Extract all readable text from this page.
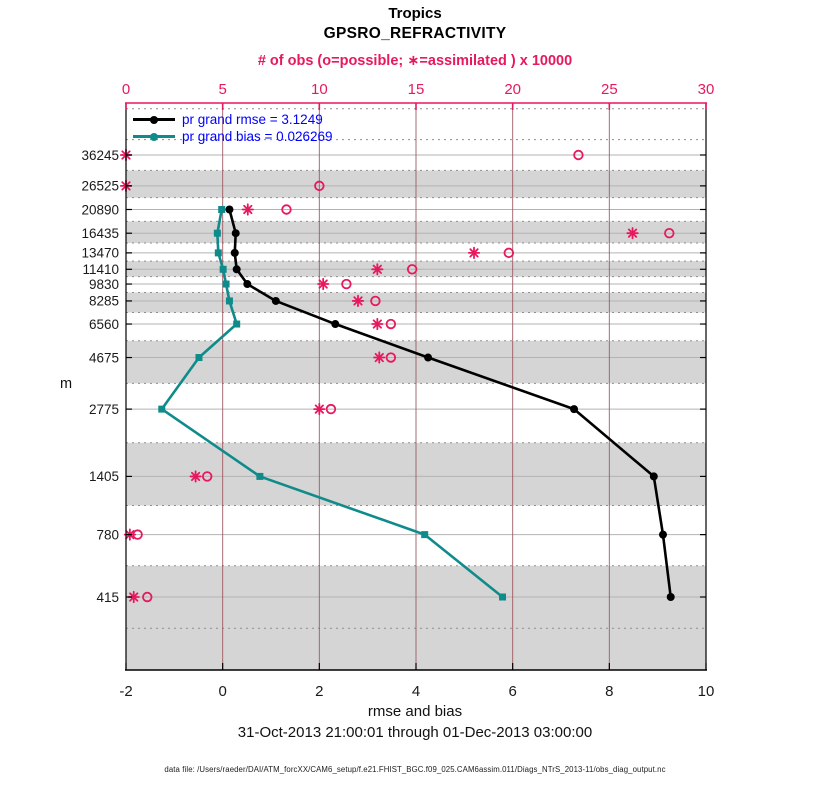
-2	0	2	4	6	8	10
0	5	10	15	20	25	30
36245
26525
20890
16435
13470
11410
9830
8285
6560
4675
2775
1405
780
415
Tropics
GPSRO_REFRACTIVITY
# of obs (o=possible; ∗=assimilated ) x 10000
pr grand rmse = 3.1249
pr grand bias = 0.026269
m
rmse and bias
31-Oct-2013 21:00:01 through 01-Dec-2013 03:00:00
data file: /Users/raeder/DAI/ATM_forcXX/CAM6_setup/f.e21.FHIST_BGC.f09_025.CAM6assim.011/Diags_NTrS_2013-11/obs_diag_output.nc
